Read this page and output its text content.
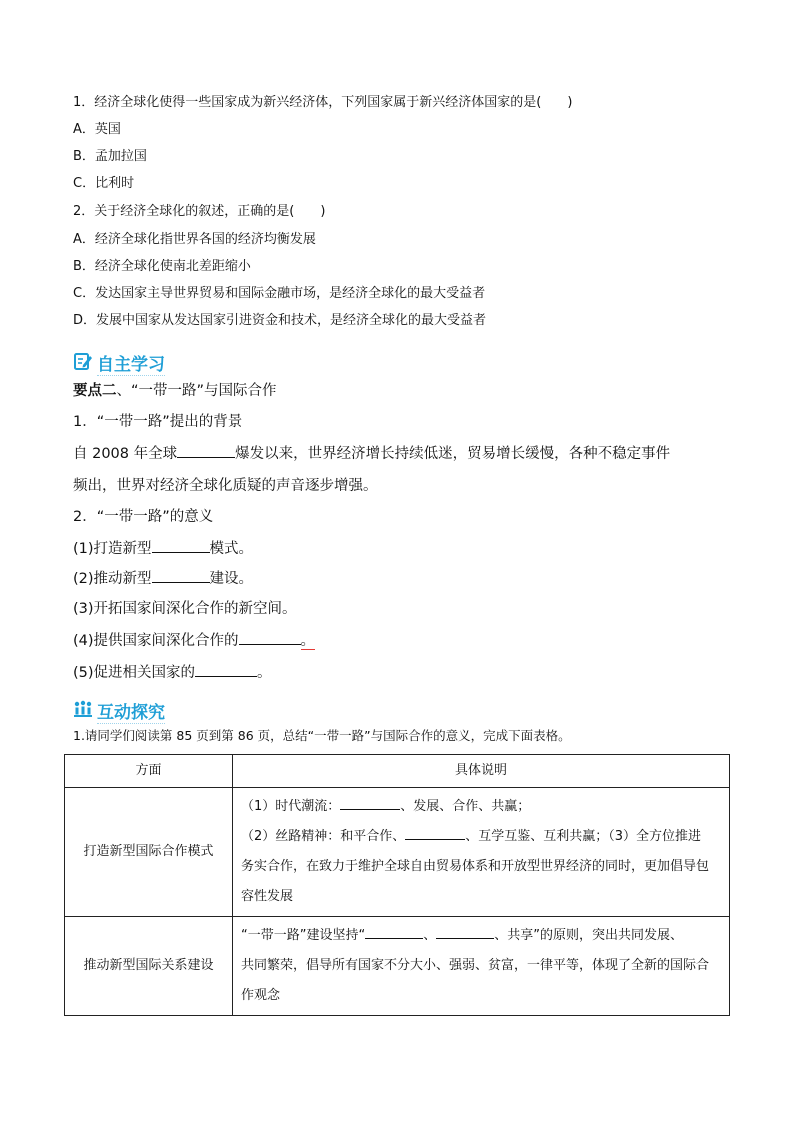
1．经济全球化使得一些国家成为新兴经济体，下列国家属于新兴经济体国家的是(　　)
A．英国
B．孟加拉国
C．比利时
2．关于经济全球化的叙述，正确的是(　　)
A．经济全球化指世界各国的经济均衡发展
B．经济全球化使南北差距缩小
C．发达国家主导世界贸易和国际金融市场，是经济全球化的最大受益者
D．发展中国家从发达国家引进资金和技术，是经济全球化的最大受益者
自主学习
要点二、“一带一路”与国际合作
1．“一带一路”提出的背景
自 2008 年全球	爆发以来，世界经济增长持续低迷，贸易增长缓慢，各种不稳定事件
频出，世界对经济全球化质疑的声音逐步增强。
2．“一带一路”的意义
(1)打造新型	模式。
(2)推动新型	建设。
(3)开拓国家间深化合作的新空间。
(4)提供国家间深化合作的	。
(5)促进相关国家的	。
互动探究
1.请同学们阅读第 85 页到第 86 页，总结“一带一路”与国际合作的意义，完成下面表格。
方面	具体说明
打造新型国际合作模式	（1）时代潮流： 、发展、合作、共赢；
（2）丝路精神：和平合作、 、互学互鉴、互利共赢；（3）全方位推进
务实合作，在致力于维护全球自由贸易体系和开放型世界经济的同时，更加倡导包
容性发展

推动新型国际关系建设	“一带一路”建设坚持“ 、 、共享”的原则，突出共同发展、
共同繁荣，倡导所有国家不分大小、强弱、贫富，一律平等，体现了全新的国际合
作观念
